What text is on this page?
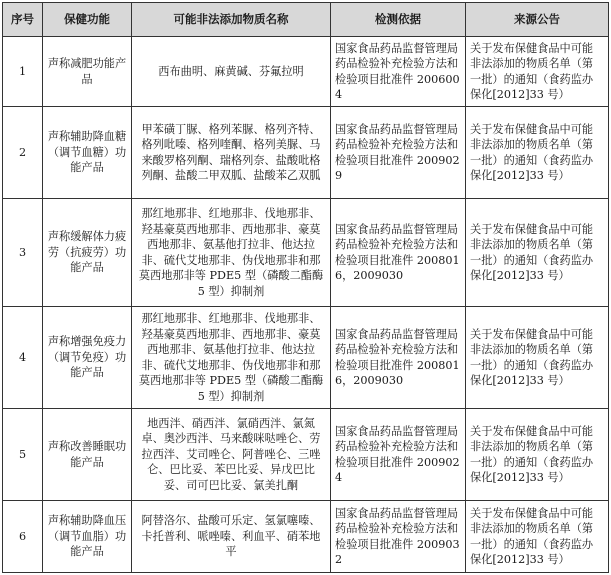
序号	保健功能	可能非法添加物质名称	检测依据	来源公告
1	声称减肥功能产品	西布曲明、麻黄碱、芬氟拉明	国家食品药品监督管理局药品检验补充检验方法和检验项目批准件 2006004	关于发布保健食品中可能非法添加的物质名单（第一批）的通知（食药监办保化[2012]33 号）

2	声称辅助降血糖（调节血糖）功能产品	甲苯磺丁脲、格列苯脲、格列齐特、格列吡嗪、格列喹酮、格列美脲、马来酸罗格列酮、瑞格列奈、盐酸吡格列酮、盐酸二甲双胍、盐酸苯乙双胍	国家食品药品监督管理局药品检验补充检验方法和检验项目批准件 2009029	关于发布保健食品中可能非法添加的物质名单（第一批）的通知（食药监办保化[2012]33 号）

3	声称缓解体力疲劳（抗疲劳）功能产品	那红地那非、红地那非、伐地那非、羟基豪莫西地那非、西地那非、豪莫西地那非、氨基他打拉非、他达拉非、硫代艾地那非、伪伐地那非和那莫西地那非等 PDE5 型（磷酸二酯酶 5 型）抑制剂	国家食品药品监督管理局药品检验补充检验方法和检验项目批准件 2008016，2009030	关于发布保健食品中可能非法添加的物质名单（第一批）的通知（食药监办保化[2012]33 号）

4	声称增强免疫力（调节免疫）功能产品	那红地那非、红地那非、伐地那非、羟基豪莫西地那非、西地那非、豪莫西地那非、氨基他打拉非、他达拉非、硫代艾地那非、伪伐地那非和那莫西地那非等 PDE5 型（磷酸二酯酶 5 型）抑制剂	国家食品药品监督管理局药品检验补充检验方法和检验项目批准件 2008016，2009030	关于发布保健食品中可能非法添加的物质名单（第一批）的通知（食药监办保化[2012]33 号）

5	声称改善睡眠功能产品	地西泮、硝西泮、氯硝西泮、氯氮卓、奥沙西泮、马来酸咪哒唑仑、劳拉西泮、艾司唑仑、阿普唑仑、三唑仑、巴比妥、苯巴比妥、异戊巴比妥、司可巴比妥、氯美扎酮	国家食品药品监督管理局药品检验补充检验方法和检验项目批准件 2009024	关于发布保健食品中可能非法添加的物质名单（第一批）的通知（食药监办保化[2012]33 号）

6	声称辅助降血压（调节血脂）功能产品	阿替洛尔、盐酸可乐定、氢氯噻嗪、卡托普利、哌唑嗪、利血平、硝苯地平	国家食品药品监督管理局药品检验补充检验方法和检验项目批准件 2009032	关于发布保健食品中可能非法添加的物质名单（第一批）的通知（食药监办保化[2012]33 号）
